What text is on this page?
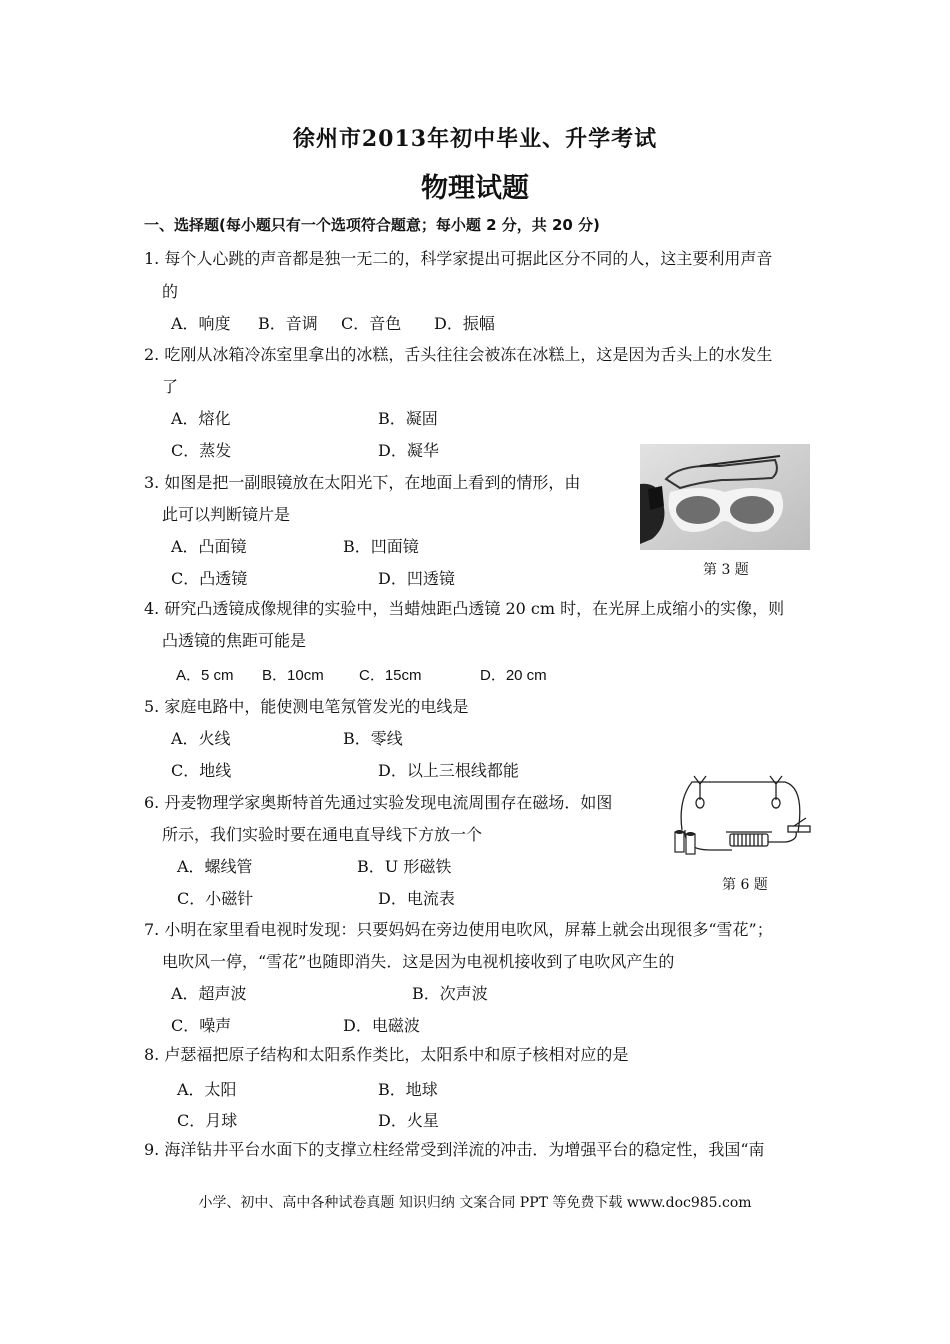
徐州市2013年初中毕业、升学考试
物理试题
一、选择题(每小题只有一个选项符合题意；每小题 2 分，共 20 分)
1. 每个人心跳的声音都是独一无二的，科学家提出可据此区分不同的人，这主要利用声音
的
A．响度 B．音调 C．音色 D．振幅
2. 吃刚从冰箱冷冻室里拿出的冰糕，舌头往往会被冻在冰糕上，这是因为舌头上的水发生
了
A．熔化	B．凝固
C．蒸发	D．凝华
3. 如图是把一副眼镜放在太阳光下，在地面上看到的情形，由
此可以判断镜片是
A．凸面镜	B．凹面镜
C．凸透镜	D．凹透镜	第 3 题
4. 研究凸透镜成像规律的实验中，当蜡烛距凸透镜 20 cm 时，在光屏上成缩小的实像，则
凸透镜的焦距可能是
A．5 cm B．10cm C．15cm	D．20 cm
5. 家庭电路中，能使测电笔氖管发光的电线是
A．火线	B．零线
C．地线	D．以上三根线都能
6. 丹麦物理学家奥斯特首先通过实验发现电流周围存在磁场．如图
所示，我们实验时要在通电直导线下方放一个
A．螺线管	B．U 形磁铁
C．小磁针	D．电流表
第 6 题
7. 小明在家里看电视时发现：只要妈妈在旁边使用电吹风，屏幕上就会出现很多“雪花”；
电吹风一停，“雪花”也随即消失．这是因为电视机接收到了电吹风产生的
A．超声波	B．次声波
C．噪声	D．电磁波
8. 卢瑟福把原子结构和太阳系作类比，太阳系中和原子核相对应的是
A．太阳	B．地球
C．月球	D．火星
9. 海洋钻井平台水面下的支撑立柱经常受到洋流的冲击．为增强平台的稳定性，我国“南
小学、初中、高中各种试卷真题 知识归纳 文案合同 PPT 等免费下载 www.doc985.com
